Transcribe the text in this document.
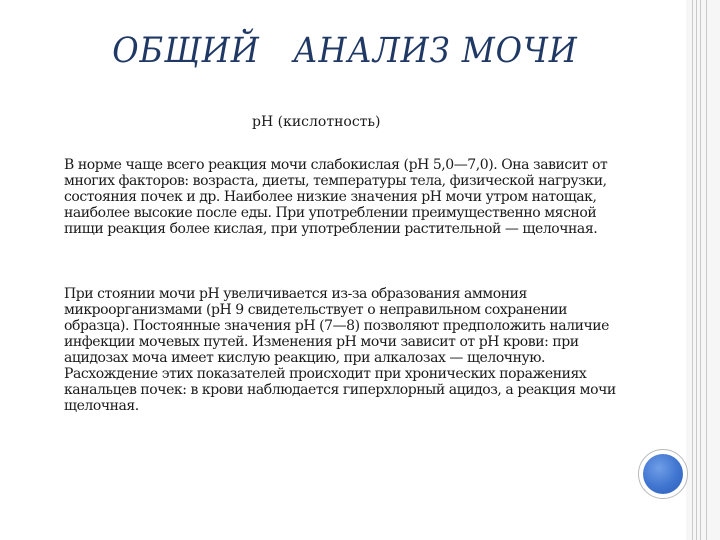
ОБЩИЙ   АНАЛИЗ МОЧИ
pH (кислотность)
В норме чаще всего реакция мочи слабокислая (pH 5,0—7,0). Она зависит от многих факторов: возраста, диеты, температуры тела, физической нагрузки, состояния почек и др. Наиболее низкие значения pH мочи утром натощак, наиболее высокие после еды. При употреблении преимущественно мясной пищи реакция более кислая, при употреблении растительной — щелочная.
При стоянии мочи pH увеличивается из-за образования аммония микроорганизмами (pH 9 свидетельствует о неправильном сохранении образца). Постоянные значения pH (7—8) позволяют предположить наличие инфекции мочевых путей. Изменения pH мочи зависит от pH крови: при ацидозах моча имеет кислую реакцию, при алкалозах — щелочную. Расхождение этих показателей происходит при хронических поражениях канальцев почек: в крови наблюдается гиперхлорный ацидоз, а реакция мочи щелочная.
